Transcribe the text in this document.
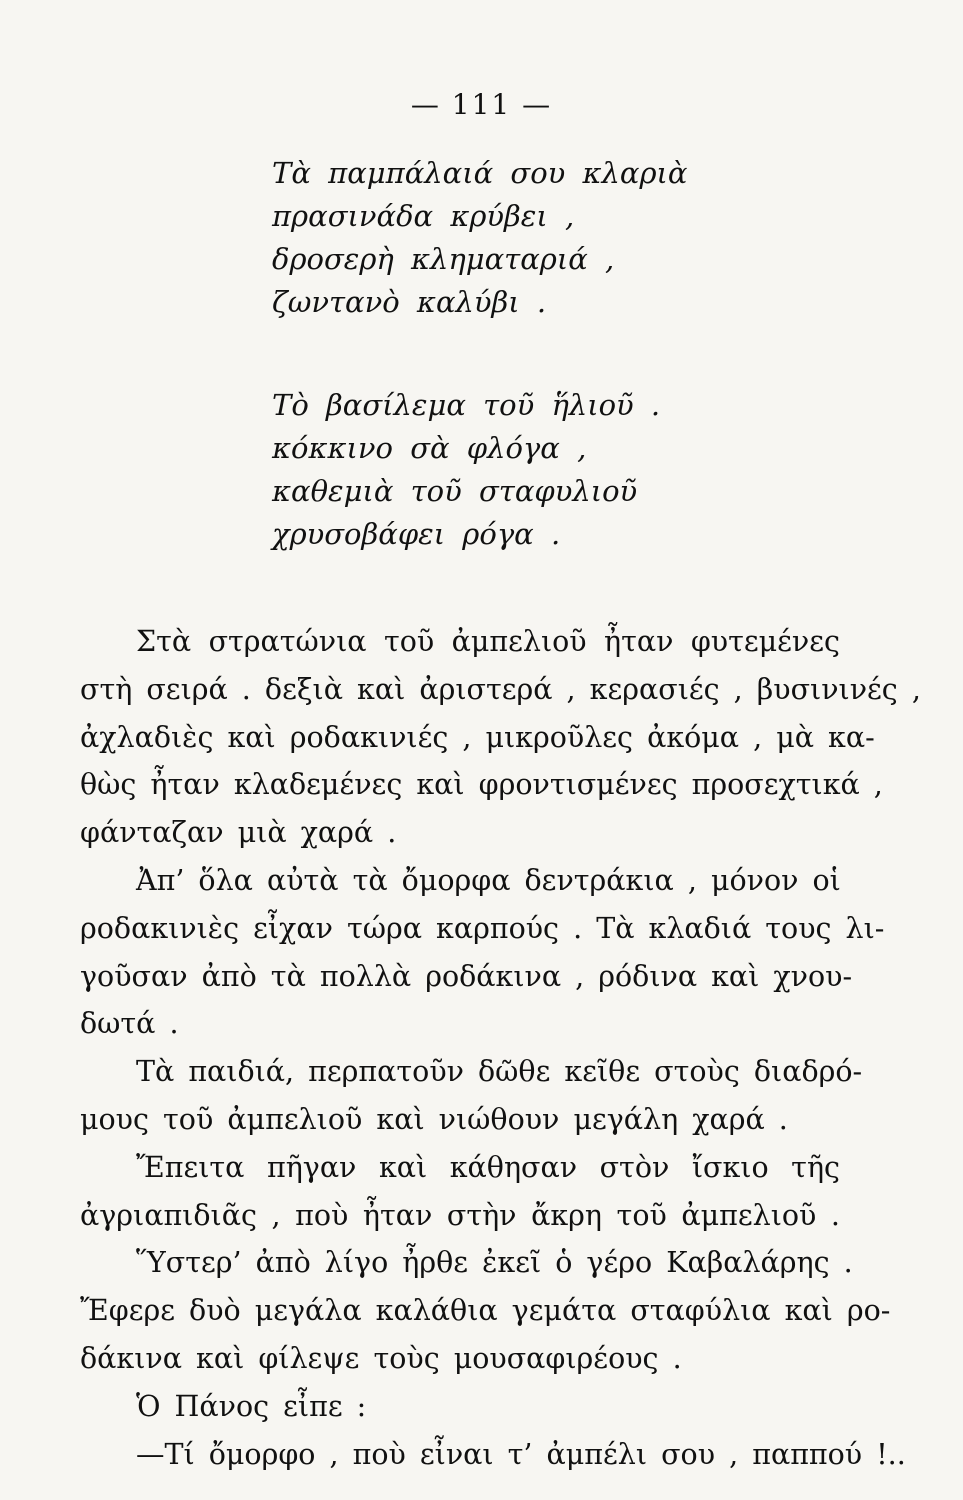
— 111 —
Τὰ παμπάλαιά σου κλαριὰ
πρασινάδα κρύβει ,
δροσερὴ κληματαριά ,
ζωντανὸ καλύβι .
Τὸ βασίλεμα τοῦ ἥλιοῦ .
κόκκινο σὰ φλόγα ,
καθεμιὰ τοῦ σταφυλιοῦ
χρυσοβάφει ρόγα .
Στὰ στρατώνια τοῦ ἀμπελιοῦ ἦταν φυτεμένες
στὴ σειρά . δεξιὰ καὶ ἀριστερά , κερασιές , βυσινινές ,
ἀχλαδιὲς καὶ ροδακινιές , μικροῦλες ἀκόμα , μὰ κα-
θὼς ἦταν κλαδεμένες καὶ φροντισμένες προσεχτικά ,
φάνταζαν μιὰ χαρά .
Ἀπ’ ὅλα αὐτὰ τὰ ὄμορφα δεντράκια , μόνον οἱ
ροδακινιὲς εἶχαν τώρα καρπούς . Τὰ κλαδιά τους λι-
γοῦσαν ἀπὸ τὰ πολλὰ ροδάκινα , ρόδινα καὶ χνου-
δωτά .
Τὰ παιδιά, περπατοῦν δῶθε κεῖθε στοὺς διαδρό-
μους τοῦ ἀμπελιοῦ καὶ νιώθουν μεγάλη χαρά .
Ἔπειτα πῆγαν καὶ κάθησαν στὸν ἴσκιο τῆς
ἀγριαπιδιᾶς , ποὺ ἦταν στὴν ἄκρη τοῦ ἀμπελιοῦ .
Ὕστερ’ ἀπὸ λίγο ἦρθε ἐκεῖ ὁ γέρο Καβαλάρης .
Ἔφερε δυὸ μεγάλα καλάθια γεμάτα σταφύλια καὶ ρο-
δάκινα καὶ φίλεψε τοὺς μουσαφιρέους .
Ὁ Πάνος εἶπε :
—Τί ὄμορφο , ποὺ εἶναι τ’ ἀμπέλι σου , παππού !..
